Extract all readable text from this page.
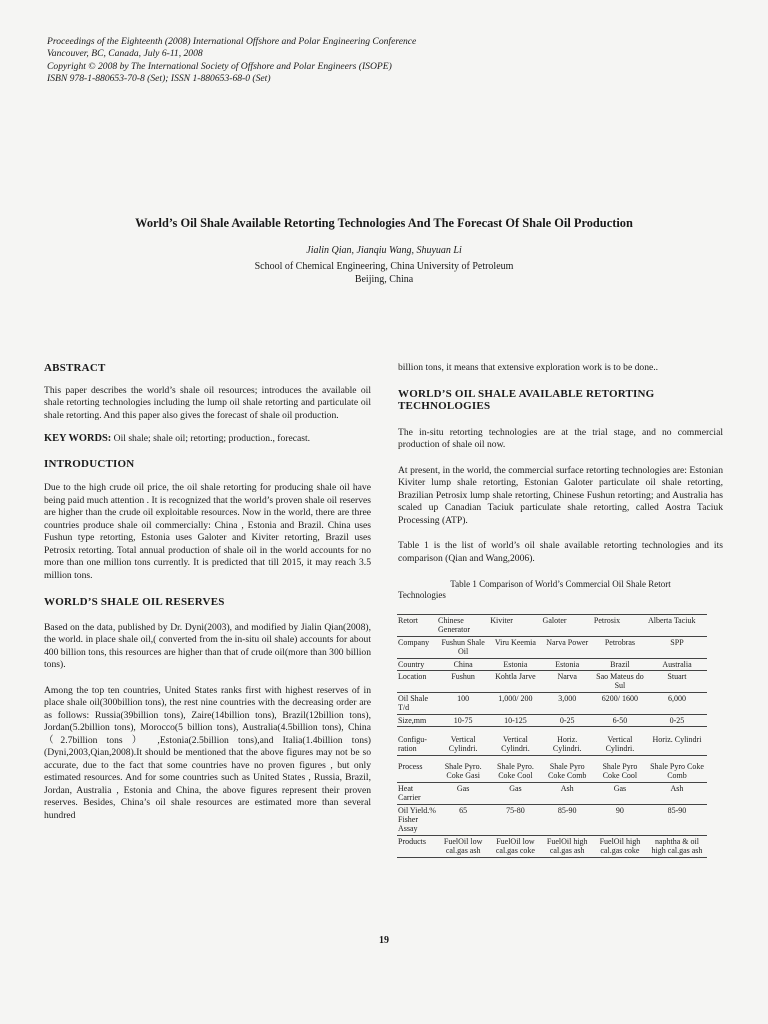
Proceedings of the Eighteenth (2008) International Offshore and Polar Engineering Conference
Vancouver, BC, Canada, July 6-11, 2008
Copyright © 2008 by The International Society of Offshore and Polar Engineers (ISOPE)
ISBN 978-1-880653-70-8 (Set); ISSN 1-880653-68-0 (Set)
World’s Oil Shale Available Retorting Technologies And The Forecast Of Shale Oil Production
Jialin Qian, Jianqiu Wang, Shuyuan Li
School of Chemical Engineering, China University of Petroleum
Beijing, China
ABSTRACT

This paper describes the world’s shale oil resources; introduces the available oil shale retorting technologies including the lump oil shale retorting and particulate oil shale retorting. And this paper also gives the forecast of shale oil production.

KEY WORDS: Oil shale; shale oil; retorting; production., forecast.

INTRODUCTION

Due to the high crude oil price, the oil shale retorting for producing shale oil have being paid much attention . It is recognized that the world’s proven shale oil reserves are higher than the crude oil exploitable resources. Now in the world, there are three countries produce shale oil commercially: China , Estonia and Brazil. China uses Fushun type retorting, Estonia uses Galoter and Kiviter retorting, Brazil uses Petrosix retorting. Total annual production of shale oil in the world accounts for no more than one million tons currently. It is predicted that till 2015, it may reach 3.5 million tons.

WORLD’S SHALE OIL RESERVES

Based on the data, published by Dr. Dyni(2003), and modified by Jialin Qian(2008), the world. in place shale oil,( converted from the in-situ oil shale) accounts for about 400 billion tons, this resources are higher than that of crude oil(more than 300 billion tons).

Among the top ten countries, United States ranks first with highest reserves of in place shale oil(300billion tons), the rest nine countries with the decreasing order are as follows: Russia(39billion tons), Zaire(14billion tons), Brazil(12billion tons), Jordan(5.2billion tons), Morocco(5 billion tons), Australia(4.5billion tons), China（2.7billion tons ） ,Estonia(2.5billion tons),and Italia(1.4billion tons) (Dyni,2003,Qian,2008).It should be mentioned that the above figures may not be so accurate, due to the fact that some countries have no proven figures , but only estimated resources. And for some countries such as United States , Russia, Brazil, Jordan, Australia , Estonia and China, the above figures represent their proven reserves. Besides, China’s oil shale resources are estimated more than several hundred

billion tons, it means that extensive exploration work is to be done..

WORLD’S OIL SHALE AVAILABLE RETORTING TECHNOLOGIES

The in-situ retorting technologies are at the trial stage, and no commercial production of shale oil now.

At present, in the world, the commercial surface retorting technologies are: Estonian Kiviter lump shale retorting, Estonian Galoter particulate oil shale retorting, Brazilian Petrosix lump shale retorting, Chinese Fushun retorting; and Australia has scaled up Canadian Taciuk particulate shale retorting, called Aostra Taciuk Processing (ATP).

Table 1 is the list of world’s oil shale available retorting technologies and its comparison (Qian and Wang,2006).

Table 1 Comparison of World’s Commercial Oil Shale Retort
Technologies
Retort	Chinese Generator	Kiviter	Galoter	Petrosix	Alberta Taciuk
Company	Fushun Shale Oil	Viru Keemia	Narva Power	Petrobras	SPP
Country	China	Estonia	Estonia	Brazil	Australia
Location	Fushun	Kohtla Jarve	Narva	Sao Mateus do Sul	Stuart
Oil Shale T/d	100	1,000/ 200	3,000	6200/ 1600	6,000
Size,mm	10-75	10-125	0-25	6-50	0-25
Configu-ration	Vertical Cylindri.	Vertical Cylindri.	Horiz. Cylindri.	Vertical Cylindri.	Horiz. Cylindri
Process	Shale Pyro. Coke Gasi	Shale Pyro. Coke Cool	Shale Pyro Coke Comb	Shale Pyro Coke Cool	Shale Pyro Coke Comb
Heat Carrier	Gas	Gas	Ash	Gas	Ash
Oil Yield.% Fisher Assay	65	75-80	85-90	90	85-90
Products	FuelOil low cal.gas ash	FuelOil low cal.gas coke	FuelOil high cal.gas ash	FuelOil high cal.gas coke	naphtha & oil high cal.gas ash
19
